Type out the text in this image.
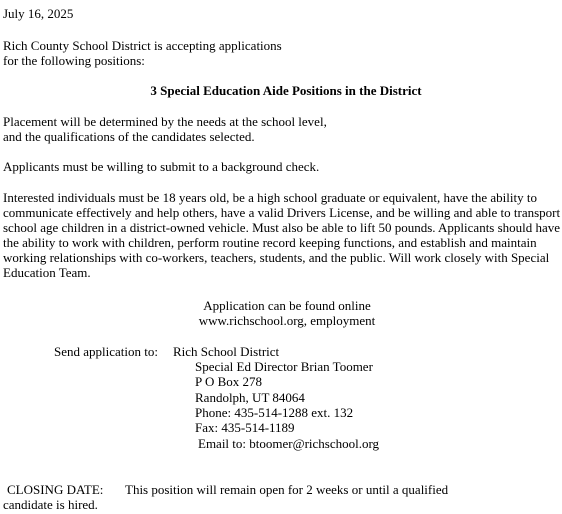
July 16, 2025
Rich County School District is accepting applications
for the following positions:
3 Special Education Aide Positions in the District
Placement will be determined by the needs at the school level,
and the qualifications of the candidates selected.
Applicants must be willing to submit to a background check.
Interested individuals must be 18 years old, be a high school graduate or equivalent, have the ability to
communicate effectively and help others, have a valid Drivers License, and be willing and able to transport
school age children in a district-owned vehicle. Must also be able to lift 50 pounds. Applicants should have
the ability to work with children, perform routine record keeping functions, and establish and maintain
working relationships with co-workers, teachers, students, and the public. Will work closely with Special
Education Team.
Application can be found online
www.richschool.org, employment
Send application to: Rich School District
Special Ed Director Brian Toomer
P O Box 278
Randolph, UT 84064
Phone: 435-514-1288 ext. 132
Fax: 435-514-1189
Email to: btoomer@richschool.org
CLOSING DATE: This position will remain open for 2 weeks or until a qualified
candidate is hired.
